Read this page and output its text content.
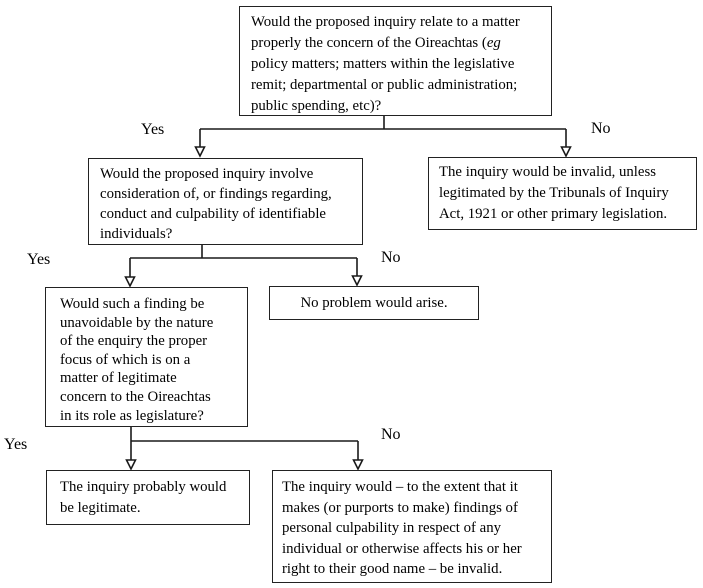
Would the proposed inquiry relate to a matter
properly the concern of the Oireachtas (eg
policy matters; matters within the legislative
remit; departmental or public administration;
public spending, etc)?
Would the proposed inquiry involve
consideration of, or findings regarding,
conduct and culpability of identifiable
individuals?
The inquiry would be invalid, unless
legitimated by the Tribunals of Inquiry
Act, 1921 or other primary legislation.
Would such a finding be
unavoidable by the nature
of the enquiry the proper
focus of which is on a
matter of legitimate
concern to the Oireachtas
in its role as legislature?
No problem would arise.
The inquiry probably would
be legitimate.
The inquiry would – to the extent that it
makes (or purports to make) findings of
personal culpability in respect of any
individual or otherwise affects his or her
right to their good name – be invalid.
Yes	No
Yes	No
Yes
No
